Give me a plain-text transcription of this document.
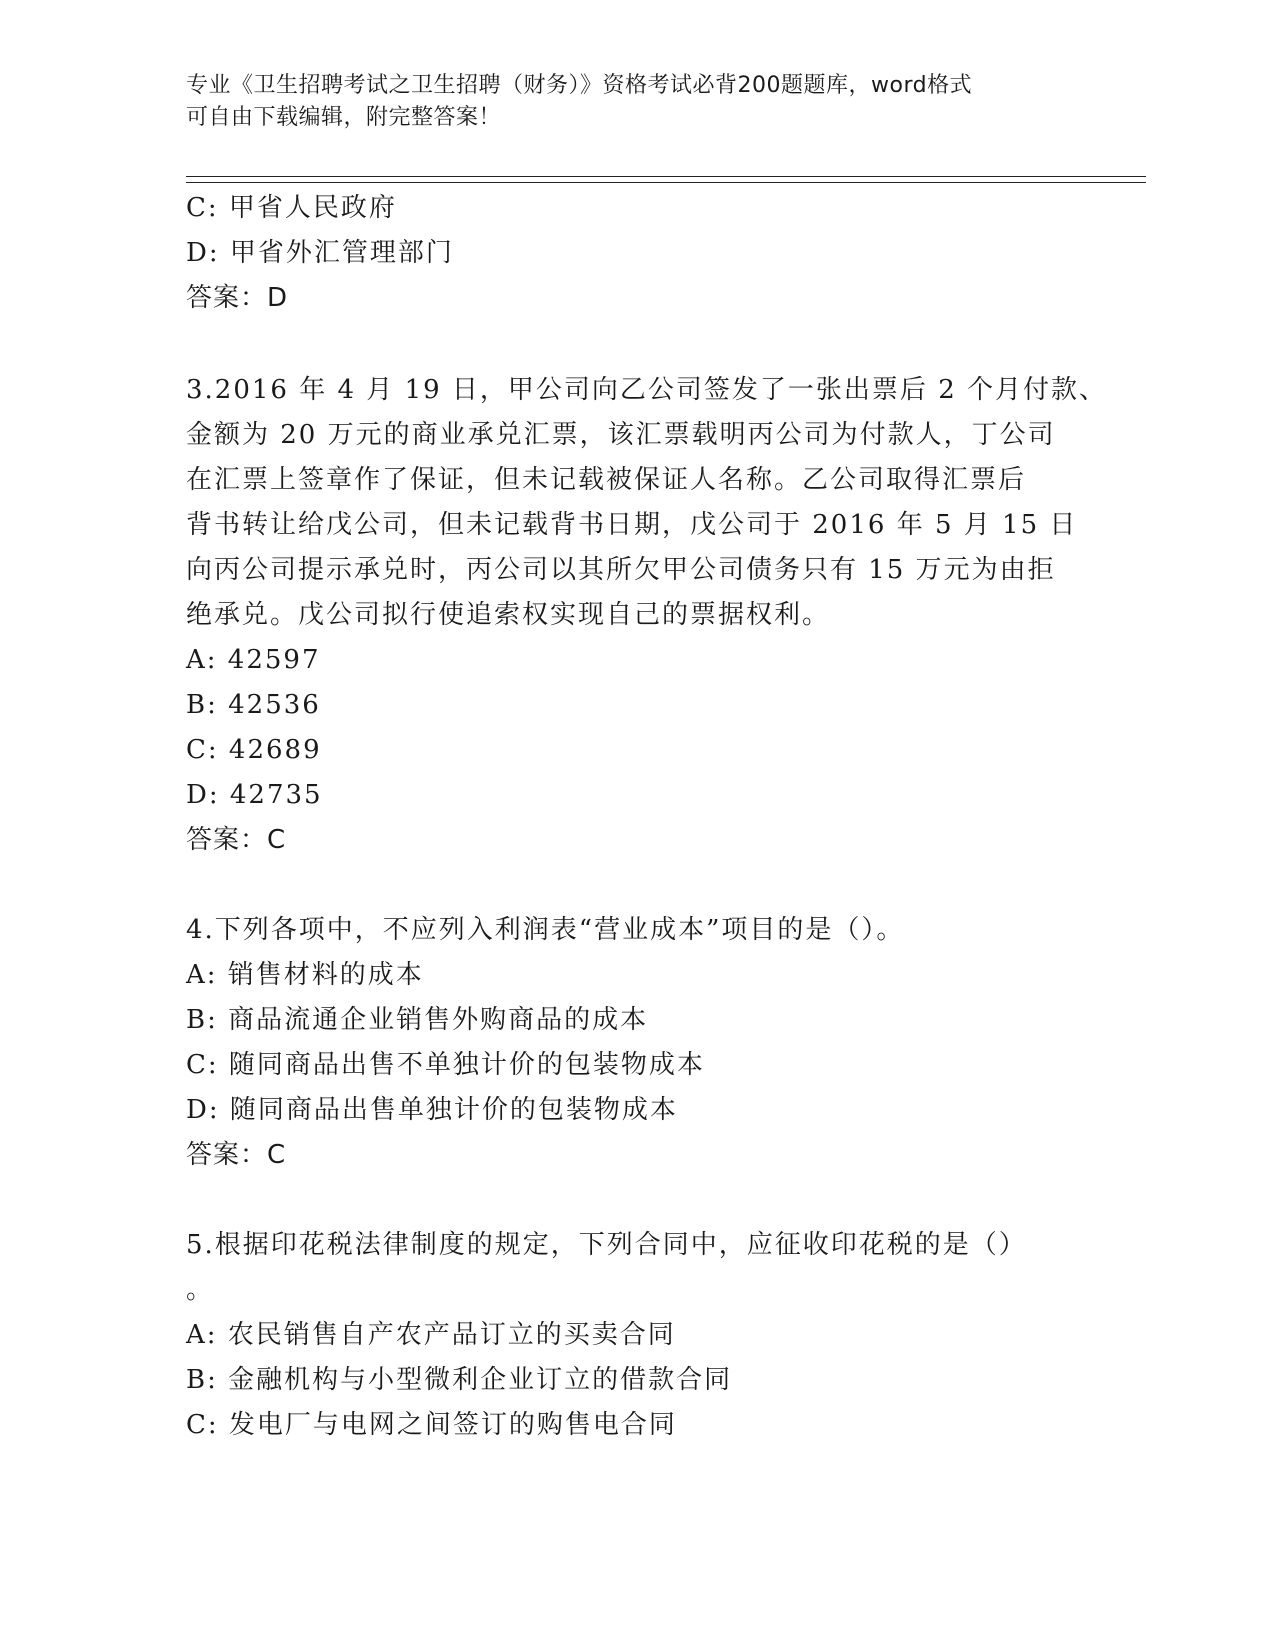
专业《卫生招聘考试之卫生招聘（财务）》资格考试必背200题题库，word格式
可自由下载编辑，附完整答案！
C: 甲省人民政府
D: 甲省外汇管理部门
答案：D
3.2016 年 4 月 19 日，甲公司向乙公司签发了一张出票后 2 个月付款、
金额为 20 万元的商业承兑汇票，该汇票载明丙公司为付款人，丁公司
在汇票上签章作了保证，但未记载被保证人名称。乙公司取得汇票后
背书转让给戊公司，但未记载背书日期，戊公司于 2016 年 5 月 15 日
向丙公司提示承兑时，丙公司以其所欠甲公司债务只有 15 万元为由拒
绝承兑。戊公司拟行使追索权实现自己的票据权利。
A: 42597
B: 42536
C: 42689
D: 42735
答案：C
4.下列各项中，不应列入利润表“营业成本”项目的是（）。
A: 销售材料的成本
B: 商品流通企业销售外购商品的成本
C: 随同商品出售不单独计价的包装物成本
D: 随同商品出售单独计价的包装物成本
答案：C
5.根据印花税法律制度的规定，下列合同中，应征收印花税的是（）
。
A: 农民销售自产农产品订立的买卖合同
B: 金融机构与小型微利企业订立的借款合同
C: 发电厂与电网之间签订的购售电合同
